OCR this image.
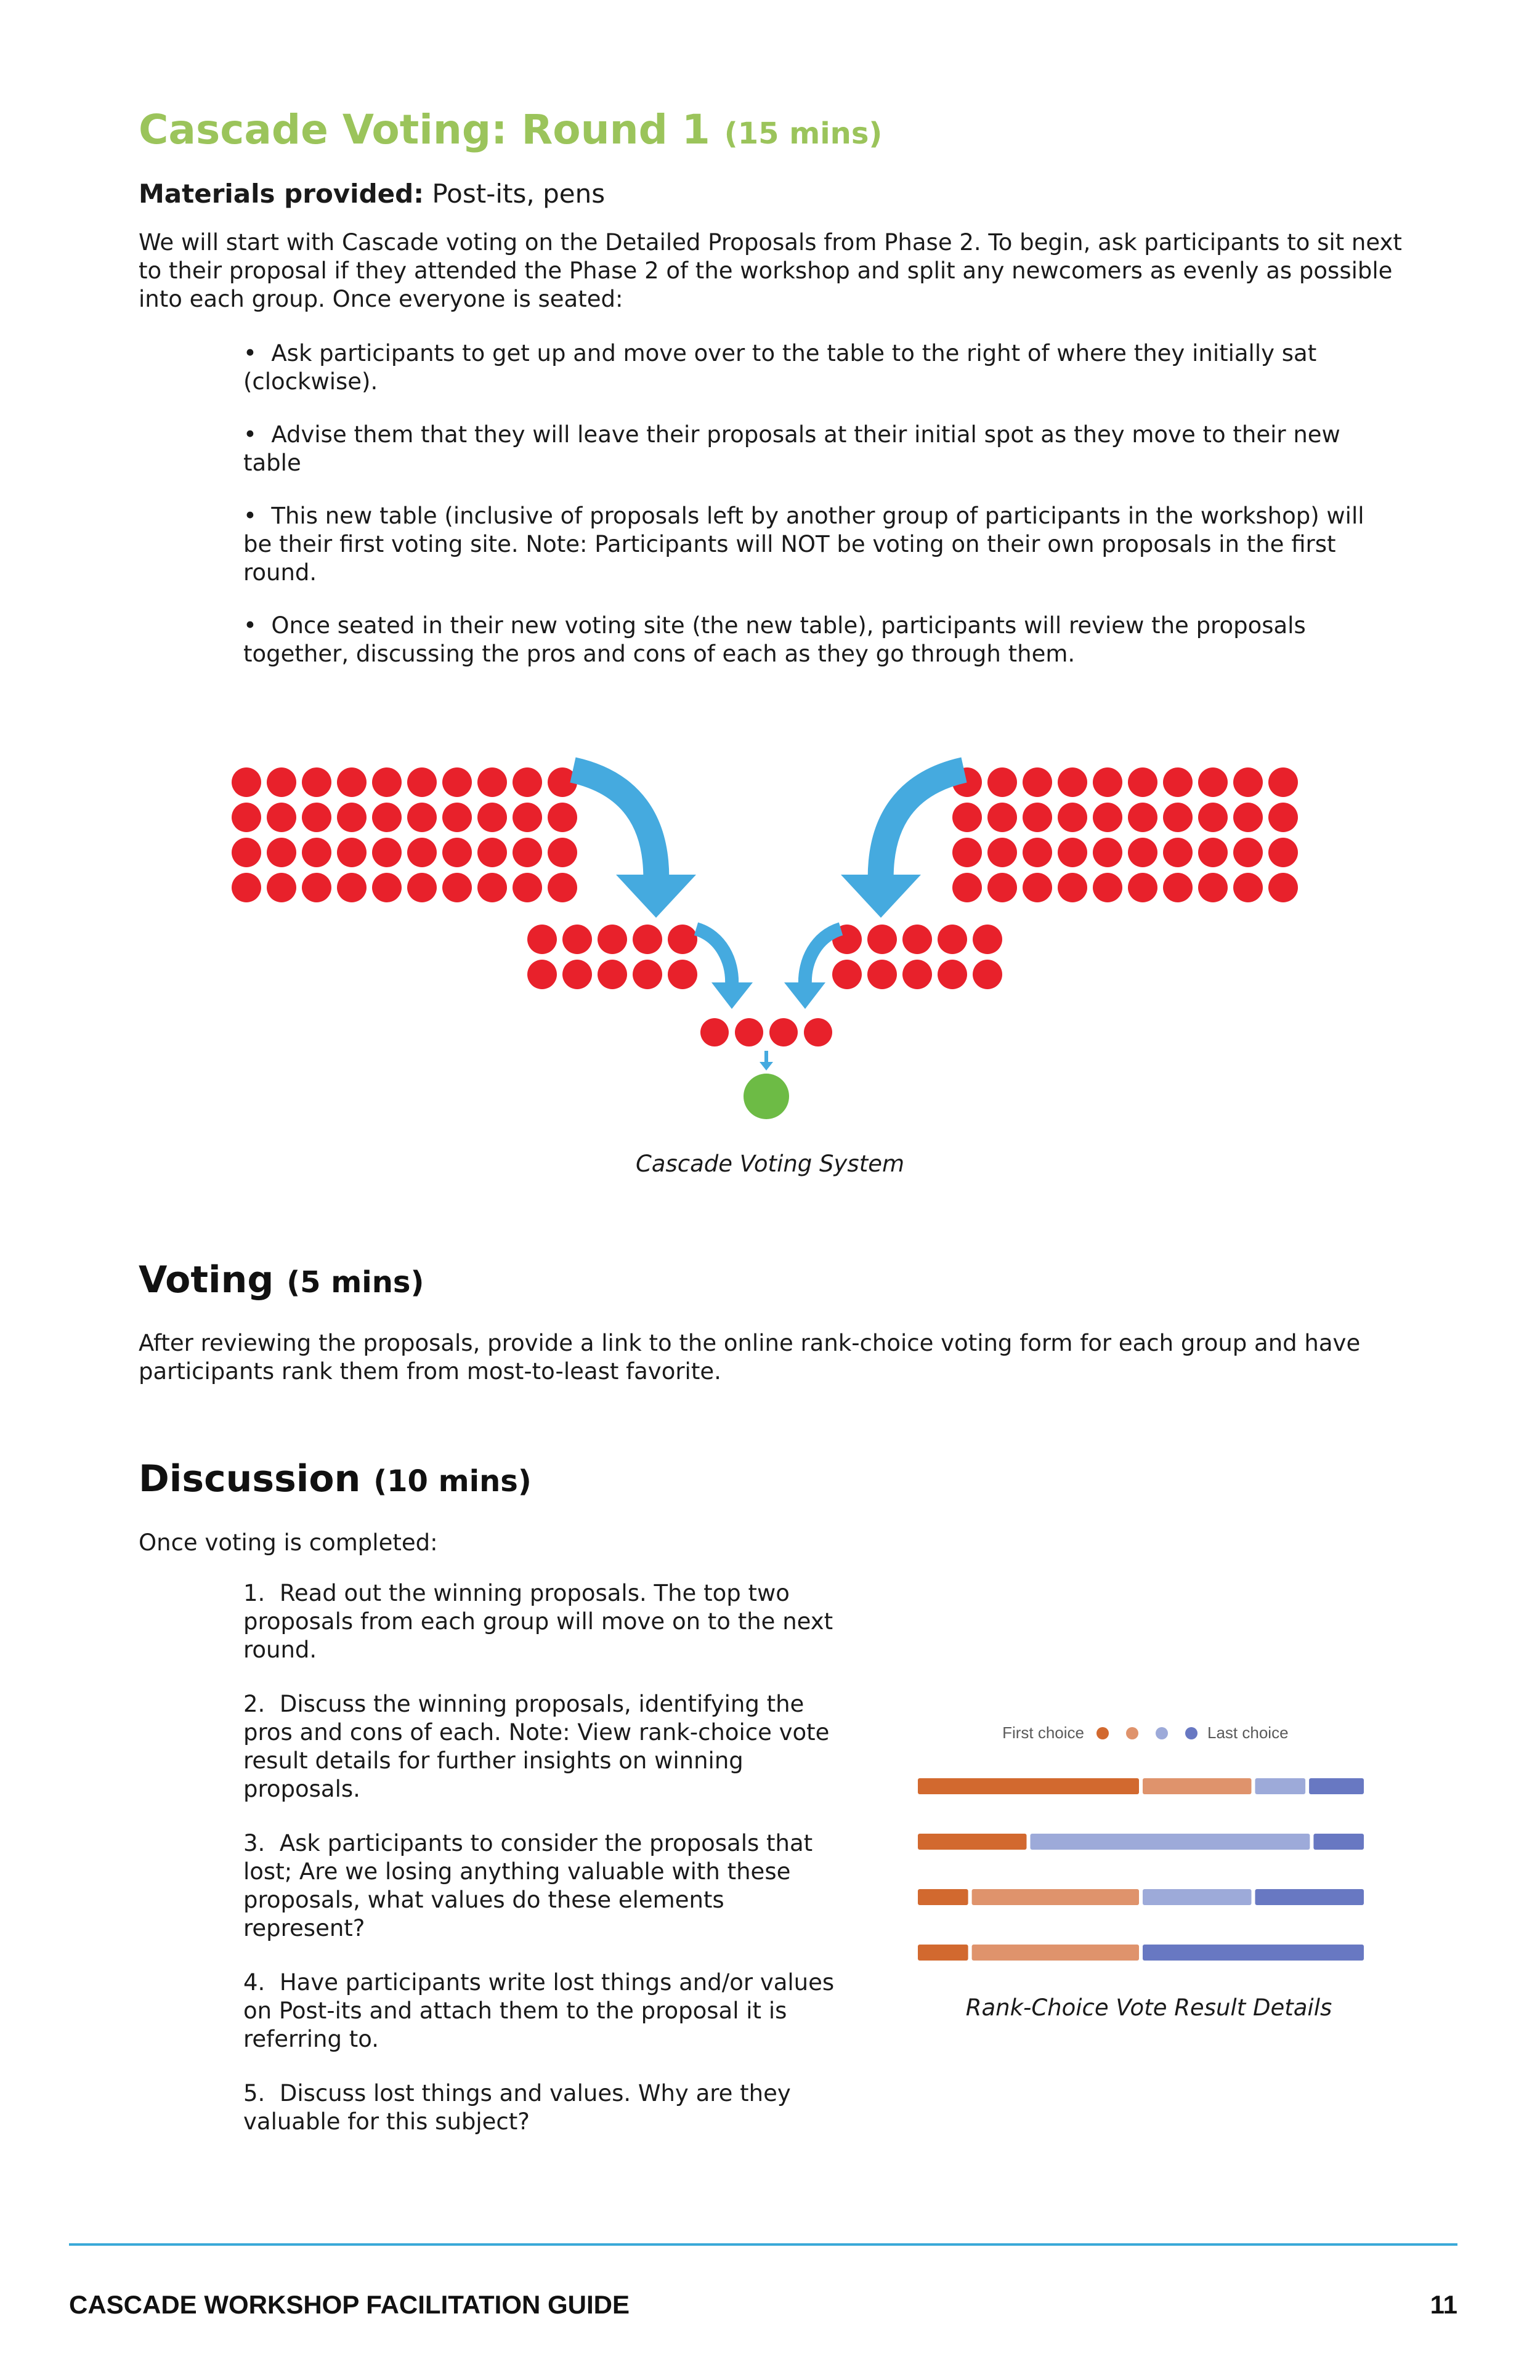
Cascade Voting: Round 1 (15 mins)
Materials provided: Post-its, pens
We will start with Cascade voting on the Detailed Proposals from Phase 2. To begin, ask participants to sit next to their proposal if they attended the Phase 2 of the workshop and split any newcomers as evenly as possible into each group. Once everyone is seated:
•  Ask participants to get up and move over to the table to the right of where they initially sat (clockwise).
•  Advise them that they will leave their proposals at their initial spot as they move to their new table
•  This new table (inclusive of proposals left by another group of participants in the workshop) will be their first voting site. Note: Participants will NOT be voting on their own proposals in the first round.
•  Once seated in their new voting site (the new table), participants will review the proposals together, discussing the pros and cons of each as they go through them.
Cascade Voting System
Voting (5 mins)
After reviewing the proposals, provide a link to the online rank-choice voting form for each group and have participants rank them from most-to-least favorite.
Discussion (10 mins)
Once voting is completed:
1.  Read out the winning proposals. The top two proposals from each group will move on to the next round.
2.  Discuss the winning proposals, identifying the pros and cons of each. Note: View rank-choice vote result details for further insights on winning proposals.
3.  Ask participants to consider the proposals that lost; Are we losing anything valuable with these proposals, what values do these elements represent?
4.  Have participants write lost things and/or values on Post-its and attach them to the proposal it is referring to.
5.  Discuss lost things and values. Why are they valuable for this subject?
First choice	Last choice
Rank-Choice Vote Result Details
CASCADE WORKSHOP FACILITATION GUIDE	11
